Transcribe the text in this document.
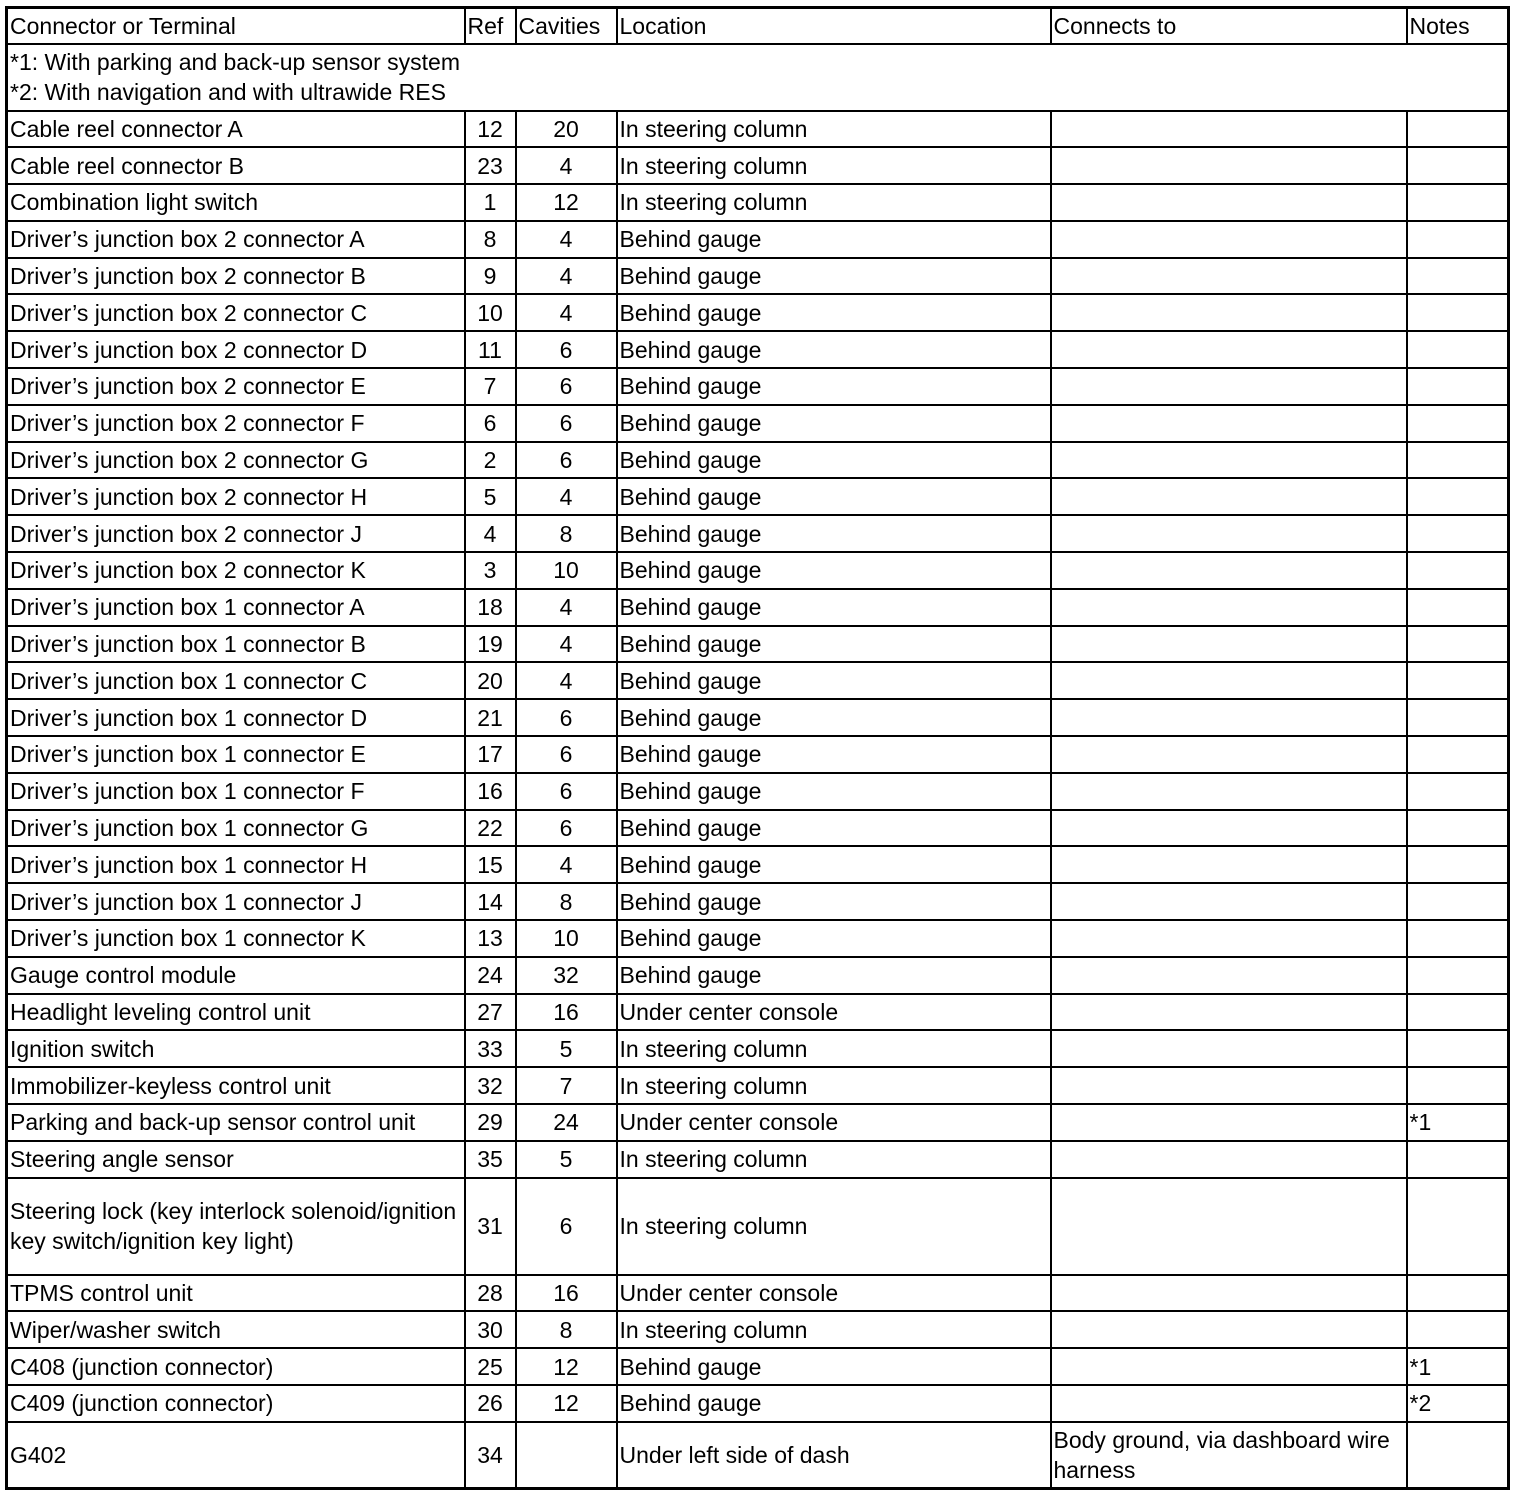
Connector or Terminal	Ref	Cavities	Location	Connects to	Notes

*1: With parking and back-up sensor system
*2: With navigation and with ultrawide RES					

Cable reel connector A	12	20	In steering column		
Cable reel connector B	23	4	In steering column		
Combination light switch	1	12	In steering column		
Driver’s junction box 2 connector A	8	4	Behind gauge		
Driver’s junction box 2 connector B	9	4	Behind gauge		
Driver’s junction box 2 connector C	10	4	Behind gauge		
Driver’s junction box 2 connector D	11	6	Behind gauge		
Driver’s junction box 2 connector E	7	6	Behind gauge		
Driver’s junction box 2 connector F	6	6	Behind gauge		
Driver’s junction box 2 connector G	2	6	Behind gauge		
Driver’s junction box 2 connector H	5	4	Behind gauge		
Driver’s junction box 2 connector J	4	8	Behind gauge		
Driver’s junction box 2 connector K	3	10	Behind gauge		
Driver’s junction box 1 connector A	18	4	Behind gauge		
Driver’s junction box 1 connector B	19	4	Behind gauge		
Driver’s junction box 1 connector C	20	4	Behind gauge		
Driver’s junction box 1 connector D	21	6	Behind gauge		
Driver’s junction box 1 connector E	17	6	Behind gauge		
Driver’s junction box 1 connector F	16	6	Behind gauge		
Driver’s junction box 1 connector G	22	6	Behind gauge		
Driver’s junction box 1 connector H	15	4	Behind gauge		
Driver’s junction box 1 connector J	14	8	Behind gauge		
Driver’s junction box 1 connector K	13	10	Behind gauge		
Gauge control module	24	32	Behind gauge		
Headlight leveling control unit	27	16	Under center console		
Ignition switch	33	5	In steering column		
Immobilizer-keyless control unit	32	7	In steering column		
Parking and back-up sensor control unit	29	24	Under center console		*1
Steering angle sensor	35	5	In steering column		
Steering lock (key interlock solenoid/ignition key switch/ignition key light)	31	6	In steering column		
TPMS control unit	28	16	Under center console		
Wiper/washer switch	30	8	In steering column		
C408 (junction connector)	25	12	Behind gauge		*1
C409 (junction connector)	26	12	Behind gauge		*2
G402	34		Under left side of dash	Body ground, via dashboard wire harness	
